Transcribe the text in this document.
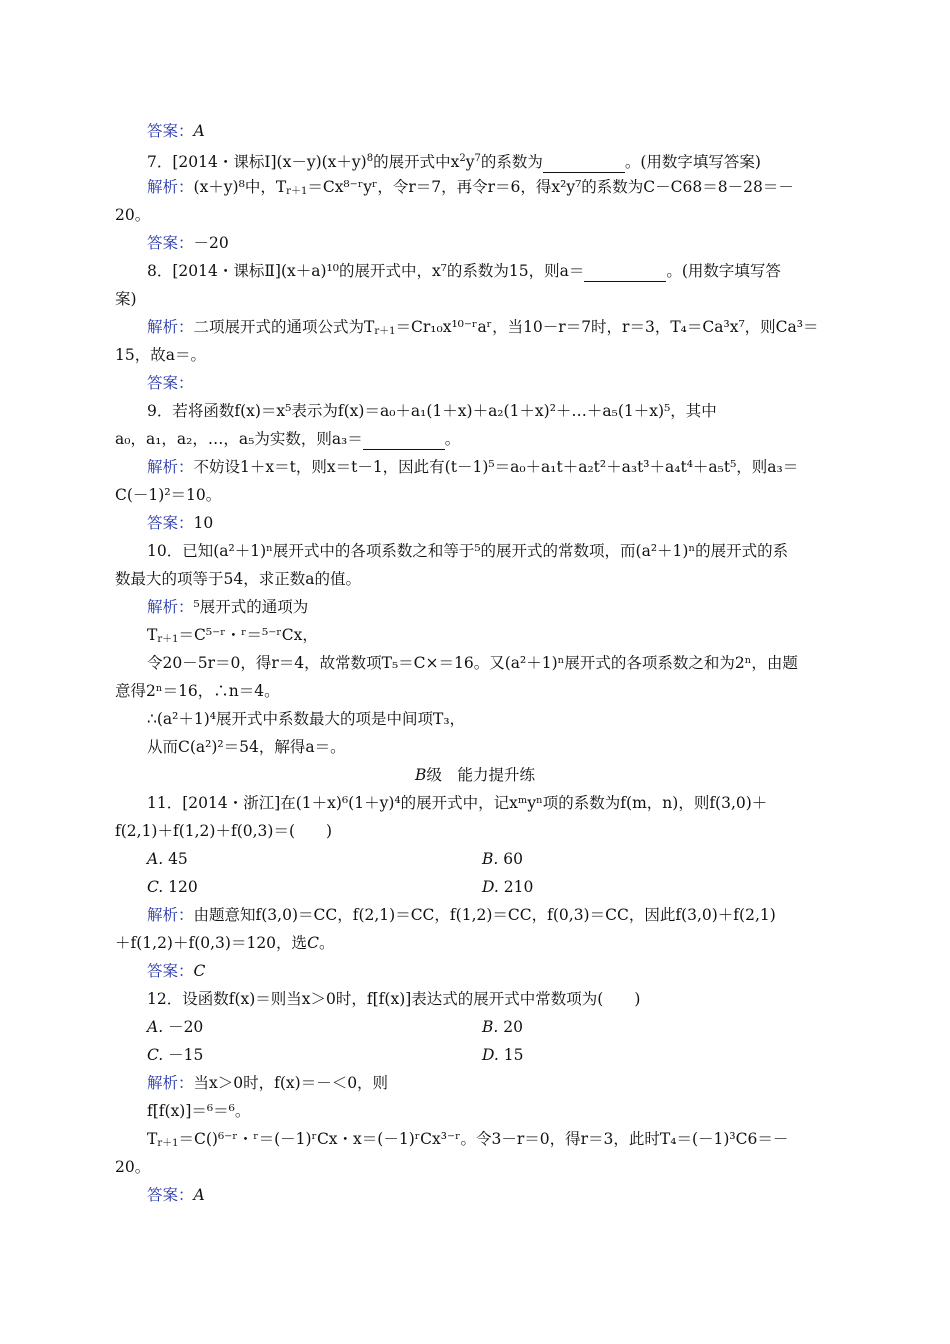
答案：A
7．[2014・课标$Ⅰ](x-y)(x+y)^8$的展开式中$x^2y^7$的系数为	。(用数字填写答案)
解析：(x＋y)⁸中，$T_{r+1}=Cx^{8-}ʳyʳ$，令r＝7，再令r＝6，得x²y⁷的系数为C－C68＝8－28＝－
20。
答案：－20
8．[2014・课标Ⅱ](x＋a)¹⁰的展开式中，x⁷的系数为15，则a＝	。(用数字填写答
案)
解析：二项展开式的通项公式为$T_{r+1}=Cr_{10}x^{10-}ʳaʳ$，当10－r＝7时，r＝3，T₄＝Ca³x⁷，则Ca³＝
15，故a＝。
答案：
9．若将函数f(x)＝x⁵表示为f(x)＝a₀＋a₁(1＋x)＋a₂(1＋x)²＋…＋a₅(1＋x)⁵，其中
a₀，a₁，a₂，…，a₅为实数，则a₃＝	。
解析：不妨设1＋x＝t，则x＝t－1，因此有(t－1)⁵＝a₀＋a₁t＋a₂t²＋a₃t³＋a₄t⁴＋a₅t⁵，则a₃＝
C(－1)²＝10。
答案：10
10．已知(a²＋1)ⁿ展开式中的各项系数之和等于⁵的展开式的常数项，而(a²＋1)ⁿ的展开式的系
数最大的项等于54，求正数a的值。
解析：⁵展开式的通项为
$T_{r+1}=C^{5-}ʳ$・ʳ＝⁵⁻ʳCx，
令20－5r＝0，得r＝4，故常数项T₅＝C×＝16。又(a²＋1)ⁿ展开式的各项系数之和为2ⁿ，由题
意得2ⁿ＝16，∴n＝4。
∴(a²＋1)⁴展开式中系数最大的项是中间项T₃，
从而C(a²)²＝54，解得a＝。
B级　能力提升练
11．[2014・浙江]在(1＋x)⁶(1＋y)⁴的展开式中，记xᵐyⁿ项的系数为f(m，n)，则f(3,0)＋
f(2,1)＋f(1,2)＋f(0,3)＝(　　)
A. 45	B. 60
C. 120	D. 210
解析：由题意知f(3,0)＝CC，f(2,1)＝CC，f(1,2)＝CC，f(0,3)＝CC，因此f(3,0)＋f(2,1)
＋f(1,2)＋f(0,3)＝120，选C。
答案：C
12．设函数f(x)＝则当x＞0时，f[f(x)]表达式的展开式中常数项为(　　)
A. －20	B. 20
C. －15	D. 15
解析：当x＞0时，f(x)＝－＜0，则
f[f(x)]＝⁶＝⁶。
$T_{r+1}=C()^{6-}ʳ$・ʳ＝(－1)ʳCx・x＝(－1)ʳCx³⁻ʳ。令3－r＝0，得r＝3，此时T₄＝(－1)³C6＝－
20。
答案：A
